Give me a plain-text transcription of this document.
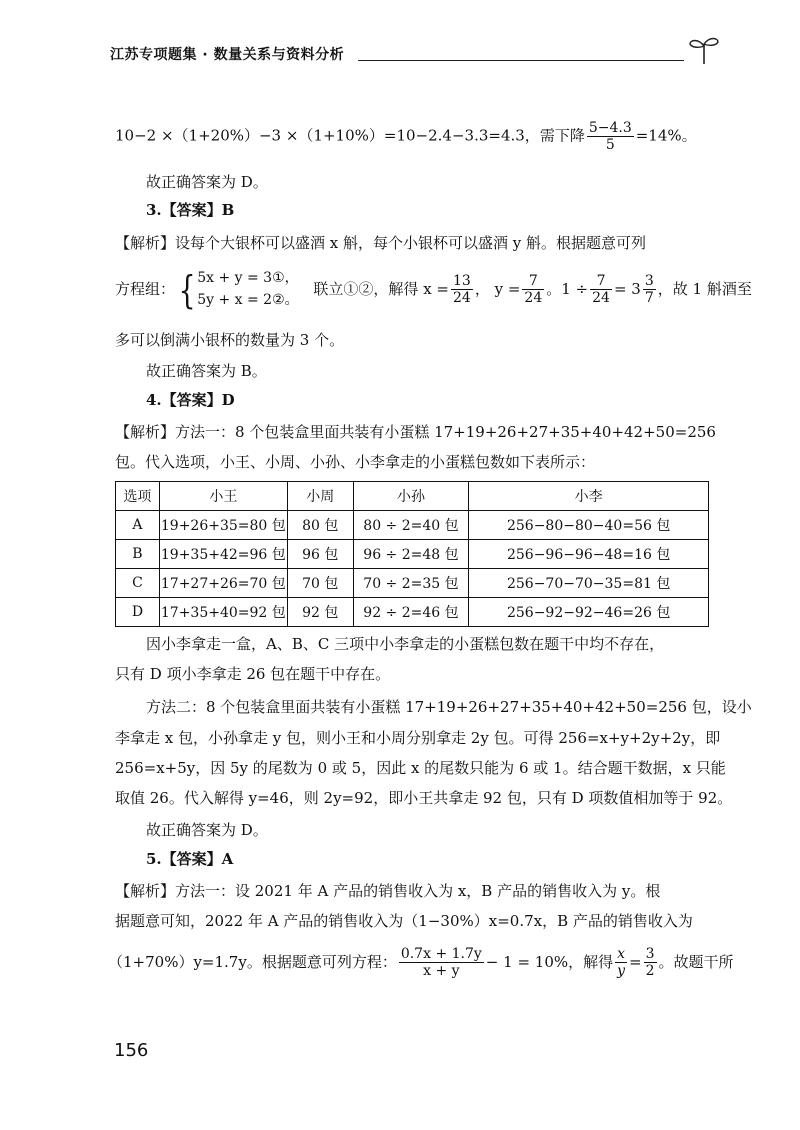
江苏专项题集 · 数量关系与资料分析
10−2 ×（1+20%）−3 ×（1+10%）=10−2.4−3.3=4.3，需下降 $\frac{5-4.3}{5} =14\%$。
故正确答案为 D。
3.【答案】B
【解析】设每个大银杯可以盛酒 x 斛，每个小银杯可以盛酒 y 斛。根据题意可列
方程组：{ 5x + y = 3①，
5y + x = 2②。
联立①②，解得 $x = \frac{13}{24}$ ， $y = \frac{7}{24}$ 。$1 \div \frac{7}{24} = 3 \frac{3}{7}$ ，故 1 斛酒至
多可以倒满小银杯的数量为 3 个。
故正确答案为 B。
4.【答案】D
【解析】方法一：8 个包装盒里面共装有小蛋糕 17+19+26+27+35+40+42+50=256
包。代入选项，小王、小周、小孙、小李拿走的小蛋糕包数如下表所示：
选项	小王	小周	小孙	小李
A	19+26+35=80 包	80 包	80 ÷ 2=40 包	256−80−80−40=56 包
B	19+35+42=96 包	96 包	96 ÷ 2=48 包	256−96−96−48=16 包
C	17+27+26=70 包	70 包	70 ÷ 2=35 包	256−70−70−35=81 包
D	17+35+40=92 包	92 包	92 ÷ 2=46 包	256−92−92−46=26 包
因小李拿走一盒，A、B、C 三项中小李拿走的小蛋糕包数在题干中均不存在，
只有 D 项小李拿走 26 包在题干中存在。
方法二：8 个包装盒里面共装有小蛋糕 17+19+26+27+35+40+42+50=256 包，设小
李拿走 x 包，小孙拿走 y 包，则小王和小周分别拿走 2y 包。可得 256=x+y+2y+2y，即
256=x+5y，因 5y 的尾数为 0 或 5，因此 x 的尾数只能为 6 或 1。结合题干数据，x 只能
取值 26。代入解得 y=46，则 2y=92，即小王共拿走 92 包，只有 D 项数值相加等于 92。
故正确答案为 D。
5.【答案】A
【解析】方法一：设 2021 年 A 产品的销售收入为 x，B 产品的销售收入为 y。根
据题意可知，2022 年 A 产品的销售收入为（1−30%）x=0.7x，B 产品的销售收入为
（1+70%）y=1.7y。根据题意可列方程： $\frac{0.7x + 1.7y}{x + y} - 1 = 10\%$，解得 $\frac{x}{y} = \frac{3}{2}$ 。故题干所
156
